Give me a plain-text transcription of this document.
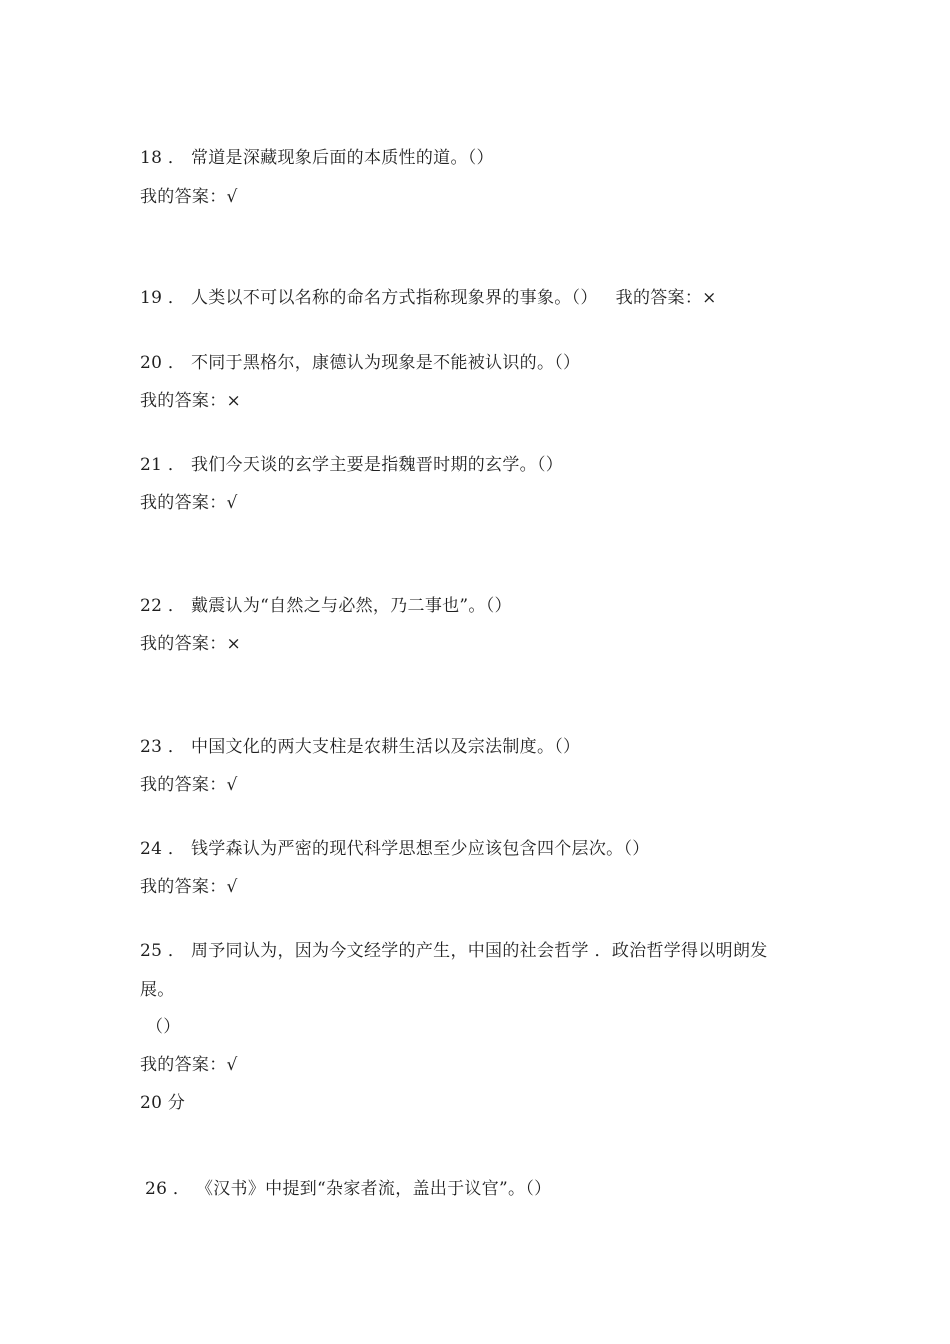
18 ． 常道是深藏现象后面的本质性的道。（）
我的答案：√
19 ． 人类以不可以名称的命名方式指称现象界的事象。（） 我的答案：×
20 ． 不同于黑格尔，康德认为现象是不能被认识的。（）
我的答案：×
21 ． 我们今天谈的玄学主要是指魏晋时期的玄学。（）
我的答案：√
22 ． 戴震认为“自然之与必然，乃二事也”。（）
我的答案：×
23 ． 中国文化的两大支柱是农耕生活以及宗法制度。（）
我的答案：√
24 ． 钱学森认为严密的现代科学思想至少应该包含四个层次。（）
我的答案：√
25 ． 周予同认为，因为今文经学的产生，中国的社会哲学 ．政治哲学得以明朗发
展。
（）
我的答案：√
20 分
26 ． 《汉书》中提到“杂家者流，盖出于议官”。（）
